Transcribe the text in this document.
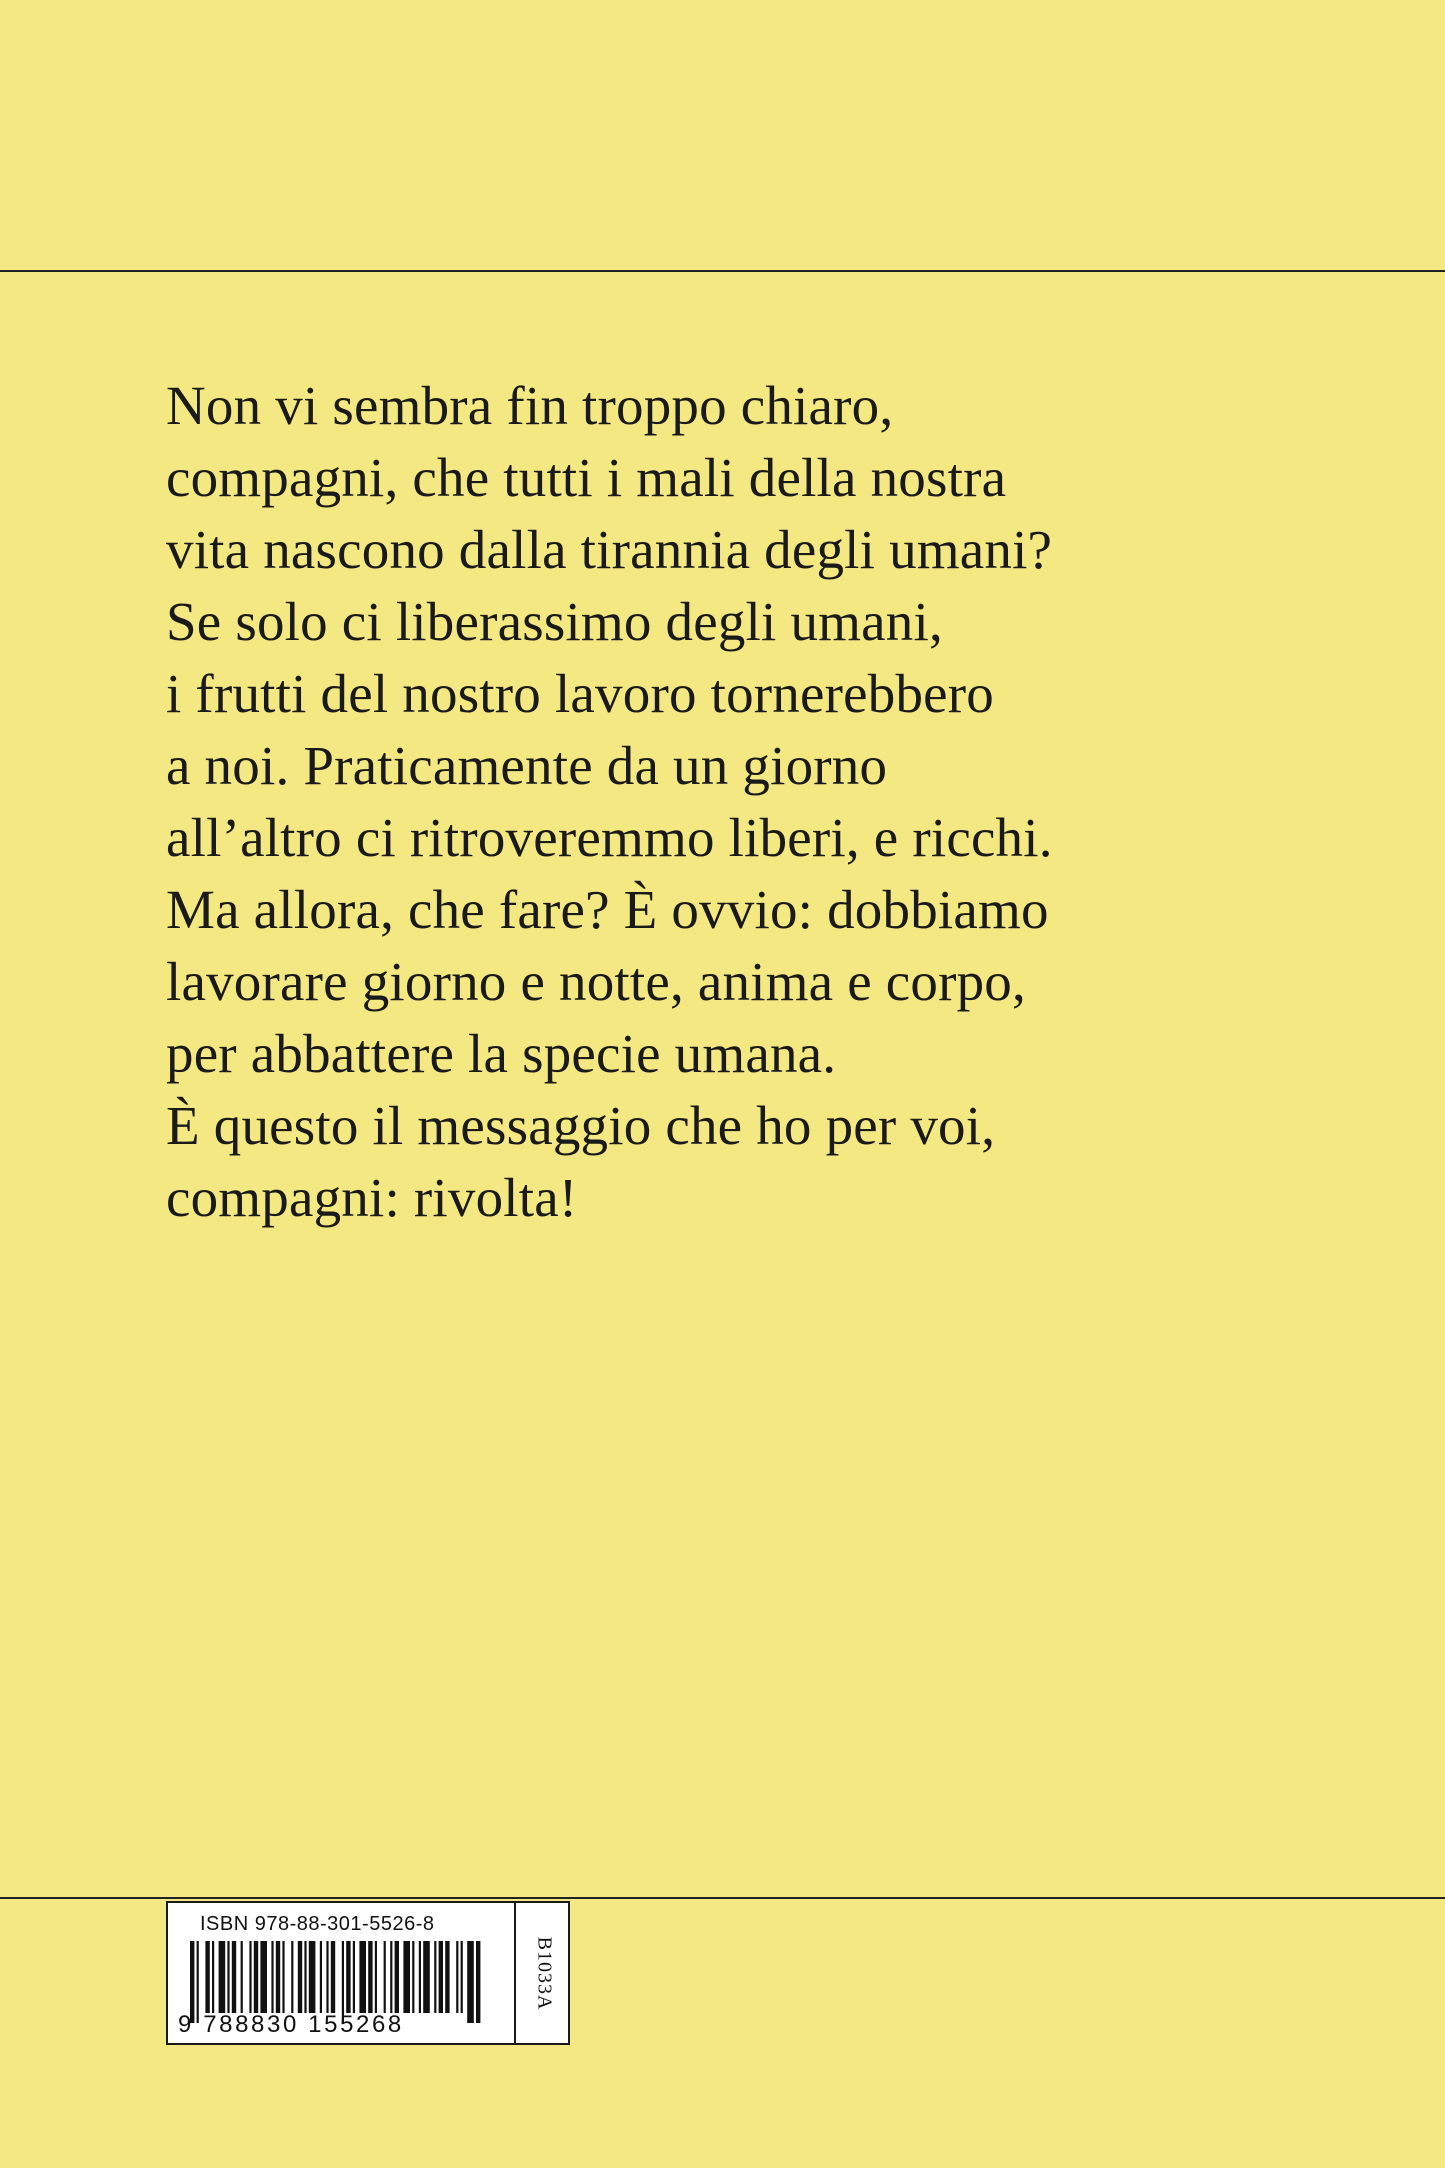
Non vi sembra fin troppo chiaro,
compagni, che tutti i mali della nostra
vita nascono dalla tirannia degli umani?
Se solo ci liberassimo degli umani,
i frutti del nostro lavoro tornerebbero
a noi. Praticamente da un giorno
all’altro ci ritroveremmo liberi, e ricchi.
Ma allora, che fare? È ovvio: dobbiamo
lavorare giorno e notte, anima e corpo,
per abbattere la specie umana.
È questo il messaggio che ho per voi,
compagni: rivolta!
ISBN 978-88-301-5526-8
9 788830 155268
B1033A
